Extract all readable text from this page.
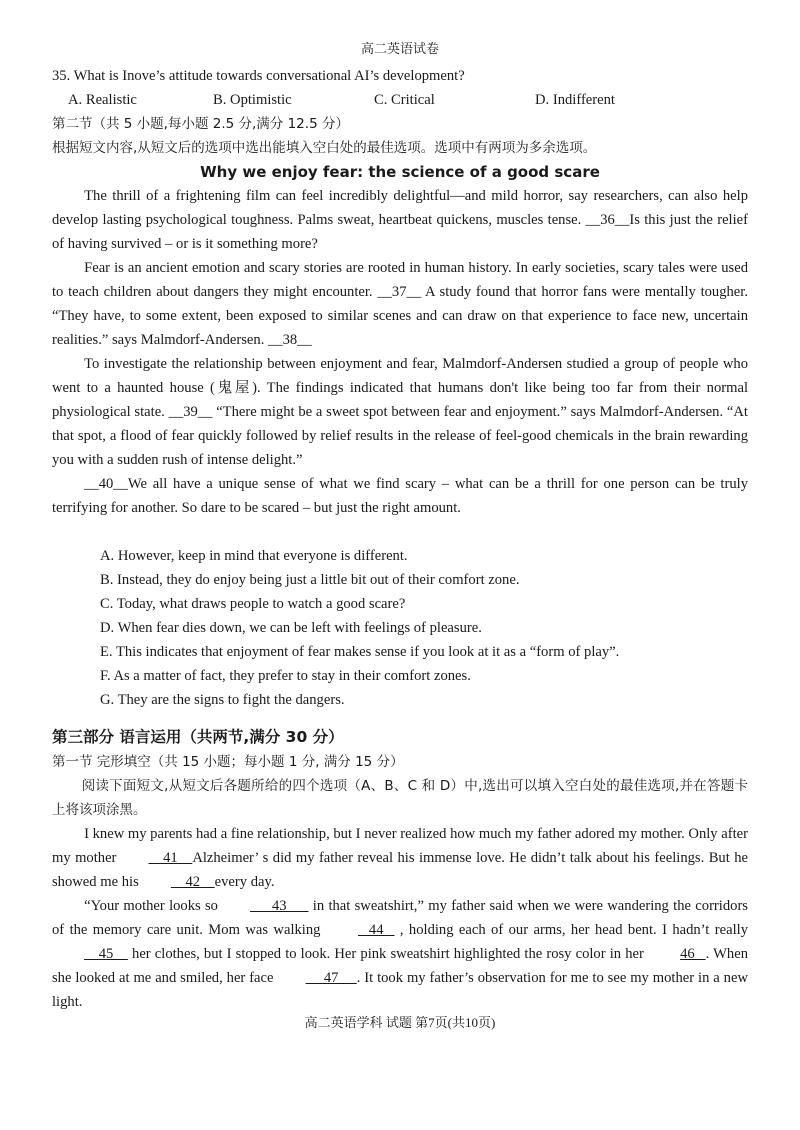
高二英语试卷

35. What is Inove’s attitude towards conversational AI’s development?

A. Realistic	B. Optimistic	C. Critical	D. Indifferent

第二节（共 5 小题,每小题 2.5 分,满分 12.5 分）

根据短文内容,从短文后的选项中选出能填入空白处的最佳选项。选项中有两项为多余选项。

Why we enjoy fear: the science of a good scare

The thrill of a frightening film can feel incredibly delightful—and mild horror, say researchers, can also help develop lasting psychological toughness. Palms sweat, heartbeat quickens, muscles tense. __36__Is this just the relief of having survived – or is it something more?

Fear is an ancient emotion and scary stories are rooted in human history. In early societies, scary tales were used to teach children about dangers they might encounter. __37__ A study found that horror fans were mentally tougher. “They have, to some extent, been exposed to similar scenes and can draw on that experience to face new, uncertain realities.” says Malmdorf-Andersen. __38__

To investigate the relationship between enjoyment and fear, Malmdorf-Andersen studied a group of people who went to a haunted house (鬼屋). The findings indicated that humans don't like being too far from their normal physiological state. __39__ “There might be a sweet spot between fear and enjoyment.” says Malmdorf-Andersen. “At that spot, a flood of fear quickly followed by relief results in the release of feel-good chemicals in the brain rewarding you with a sudden rush of intense delight.”

__40__We all have a unique sense of what we find scary – what can be a thrill for one person can be truly terrifying for another. So dare to be scared – but just the right amount.

A. However, keep in mind that everyone is different.

B. Instead, they do enjoy being just a little bit out of their comfort zone.

C. Today, what draws people to watch a good scare?

D. When fear dies down, we can be left with feelings of pleasure.

E. This indicates that enjoyment of fear makes sense if you look at it as a “form of play”.

F. As a matter of fact, they prefer to stay in their comfort zones.

G. They are the signs to fight the dangers.

第三部分 语言运用（共两节,满分 30 分）

第一节 完形填空（共 15 小题；每小题 1 分, 满分 15 分）

阅读下面短文,从短文后各题所给的四个选项（A、B、C 和 D）中,选出可以填入空白处的最佳选项,并在答题卡上将该项涂黑。

I knew my parents had a fine relationship, but I never realized how much my father adored my mother. Only after my mother    41    Alzheimer’ s did my father reveal his immense love. He didn’t talk about his feelings. But he showed me his    42    every day.

“Your mother looks so      43       in that sweatshirt,” my father said when we were wandering the corridors of the memory care unit. Mom was walking    44    , holding each of our arms, her head bent. I hadn’t really    45     her clothes, but I stopped to look. Her pink sweatshirt highlighted the rosy color in her 46   . When she looked at me and smiled, her face     47     . It took my father’s observation for me to see my mother in a new light.

高二英语学科 试题 第7页(共10页)
